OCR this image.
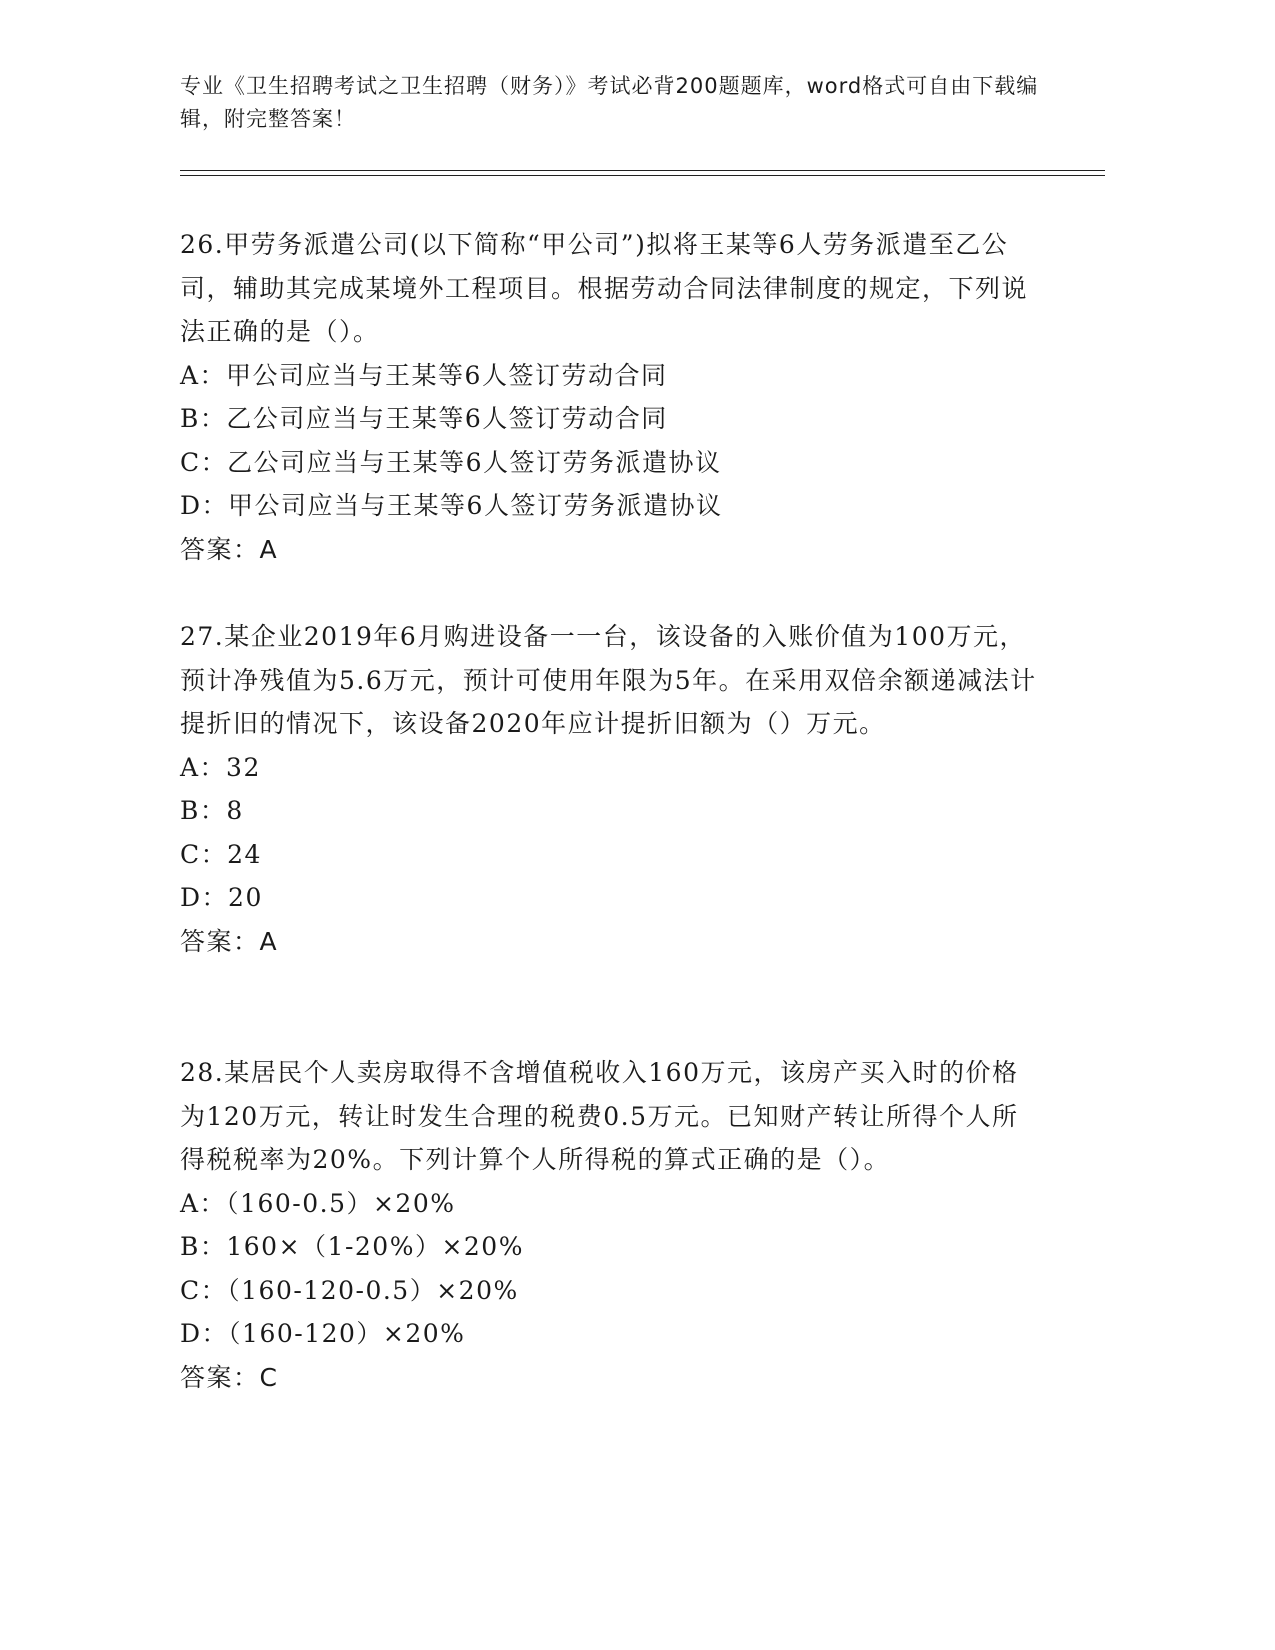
专业《卫生招聘考试之卫生招聘（财务）》考试必背200题题库，word格式可自由下载编辑，附完整答案！

26.甲劳务派遣公司(以下简称“甲公司”)拟将王某等6人劳务派遣至乙公司，辅助其完成某境外工程项目。根据劳动合同法律制度的规定，下列说法正确的是（）。

A：甲公司应当与王某等6人签订劳动合同

B：乙公司应当与王某等6人签订劳动合同

C：乙公司应当与王某等6人签订劳务派遣协议

D：甲公司应当与王某等6人签订劳务派遣协议

答案：A

27.某企业2019年6月购进设备一一台，该设备的入账价值为100万元，预计净残值为5.6万元，预计可使用年限为5年。在采用双倍余额递减法计提折旧的情况下，该设备2020年应计提折旧额为（）万元。

A：32

B：8

C：24

D：20

答案：A

28.某居民个人卖房取得不含增值税收入160万元，该房产买入时的价格为120万元，转让时发生合理的税费0.5万元。已知财产转让所得个人所得税税率为20%。下列计算个人所得税的算式正确的是（）。

A：（160-0.5）×20%

B：160×（1-20%）×20%

C：（160-120-0.5）×20%

D：（160-120）×20%

答案：C
